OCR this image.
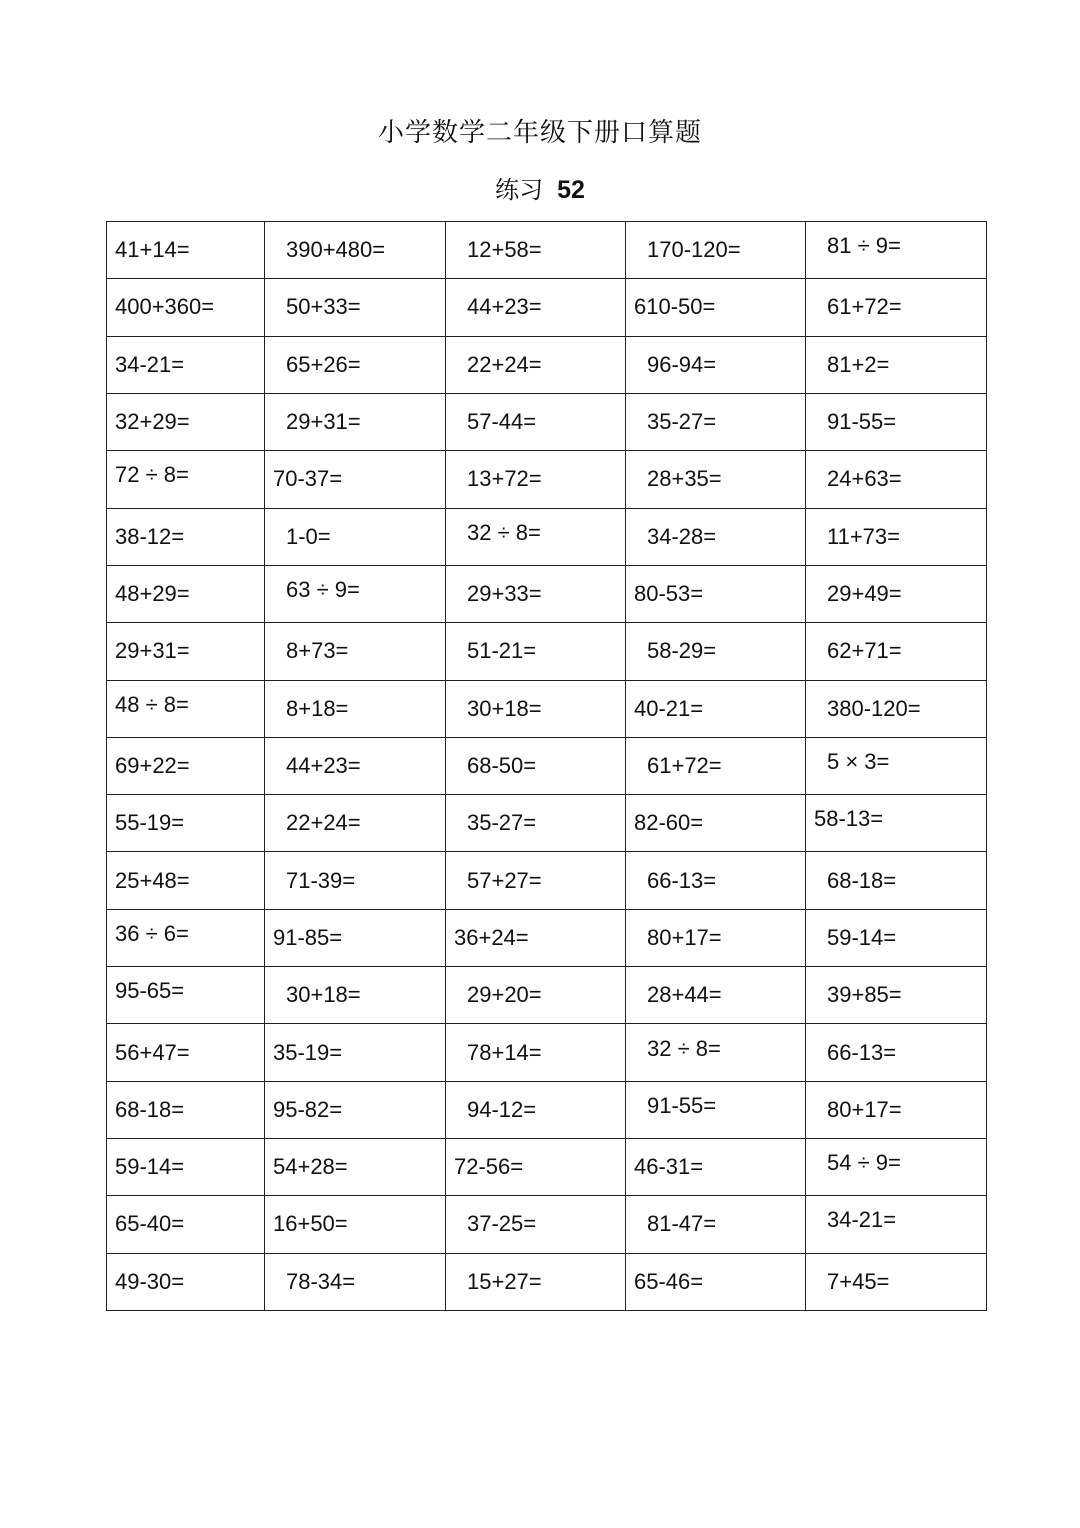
小学数学二年级下册口算题
练习 52
41+14=	390+480=	12+58=	170-120=	81 ÷ 9=
400+360=	50+33=	44+23=	610-50=	61+72=
34-21=	65+26=	22+24=	96-94=	81+2=
32+29=	29+31=	57-44=	35-27=	91-55=
72 ÷ 8=	70-37=	13+72=	28+35=	24+63=
38-12=	1-0=	32 ÷ 8=	34-28=	11+73=
48+29=	63 ÷ 9=	29+33=	80-53=	29+49=
29+31=	8+73=	51-21=	58-29=	62+71=
48 ÷ 8=	8+18=	30+18=	40-21=	380-120=
69+22=	44+23=	68-50=	61+72=	5 × 3=
55-19=	22+24=	35-27=	82-60=	58-13=
25+48=	71-39=	57+27=	66-13=	68-18=
36 ÷ 6=	91-85=	36+24=	80+17=	59-14=
95-65=	30+18=	29+20=	28+44=	39+85=
56+47=	35-19=	78+14=	32 ÷ 8=	66-13=
68-18=	95-82=	94-12=	91-55=	80+17=
59-14=	54+28=	72-56=	46-31=	54 ÷ 9=
65-40=	16+50=	37-25=	81-47=	34-21=
49-30=	78-34=	15+27=	65-46=	7+45=
